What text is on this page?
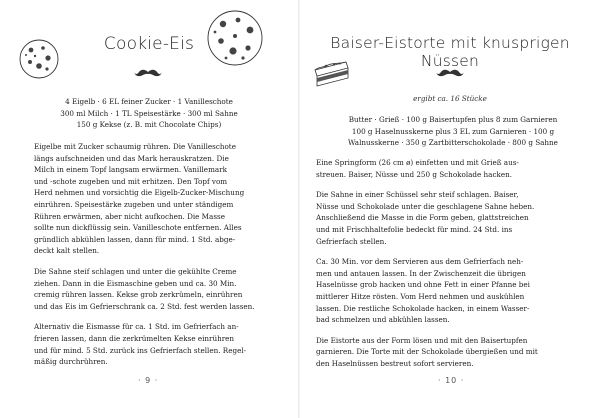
Cookie-Eis
4 Eigelb · 6 EL feiner Zucker · 1 Vanilleschote
300 ml Milch · 1 TL Speisestärke · 300 ml Sahne
150 g Kekse (z. B. mit Chocolate Chips)
Eigelbe mit Zucker schaumig rühren. Die Vanilleschote
längs aufschneiden und das Mark herauskratzen. Die
Milch in einem Topf langsam erwärmen. Vanillemark
und -schote zugeben und mit erhitzen. Den Topf vom
Herd nehmen und vorsichtig die Eigelb-Zucker-Mischung
einrühren. Speisestärke zugeben und unter ständigem
Rühren erwärmen, aber nicht aufkochen. Die Masse
sollte nun dickflüssig sein. Vanilleschote entfernen. Alles
gründlich abkühlen lassen, dann für mind. 1 Std. abge-
deckt kalt stellen.
Die Sahne steif schlagen und unter die gekühlte Creme
ziehen. Dann in die Eismaschine geben und ca. 30 Min.
cremig rühren lassen. Kekse grob zerkrümeln, einrühren
und das Eis im Gefrierschrank ca. 2 Std. fest werden lassen.
Alternativ die Eismasse für ca. 1 Std. im Gefrierfach an-
frieren lassen, dann die zerkrümelten Kekse einrühren
und für mind. 5 Std. zurück ins Gefrierfach stellen. Regel-
mäßig durchrühren.
· 9 ·
Baiser-Eistorte mit knusprigen Nüssen
ergibt ca. 16 Stücke
Butter · Grieß · 100 g Baisertupfen plus 8 zum Garnieren
100 g Haselnusskerne plus 3 EL zum Garnieren · 100 g
Walnusskerne · 350 g Zartbitterschokolade · 800 g Sahne
Eine Springform (26 cm ø) einfetten und mit Grieß aus-
streuen. Baiser, Nüsse und 250 g Schokolade hacken.
Die Sahne in einer Schüssel sehr steif schlagen. Baiser,
Nüsse und Schokolade unter die geschlagene Sahne heben.
Anschließend die Masse in die Form geben, glattstreichen
und mit Frischhaltefolie bedeckt für mind. 24 Std. ins
Gefrierfach stellen.
Ca. 30 Min. vor dem Servieren aus dem Gefrierfach neh-
men und antauen lassen. In der Zwischenzeit die übrigen
Haselnüsse grob hacken und ohne Fett in einer Pfanne bei
mittlerer Hitze rösten. Vom Herd nehmen und auskühlen
lassen. Die restliche Schokolade hacken, in einem Wasser-
bad schmelzen und abkühlen lassen.
Die Eistorte aus der Form lösen und mit den Baisertupfen
garnieren. Die Torte mit der Schokolade übergießen und mit
den Haselnüssen bestreut sofort servieren.
· 10 ·
